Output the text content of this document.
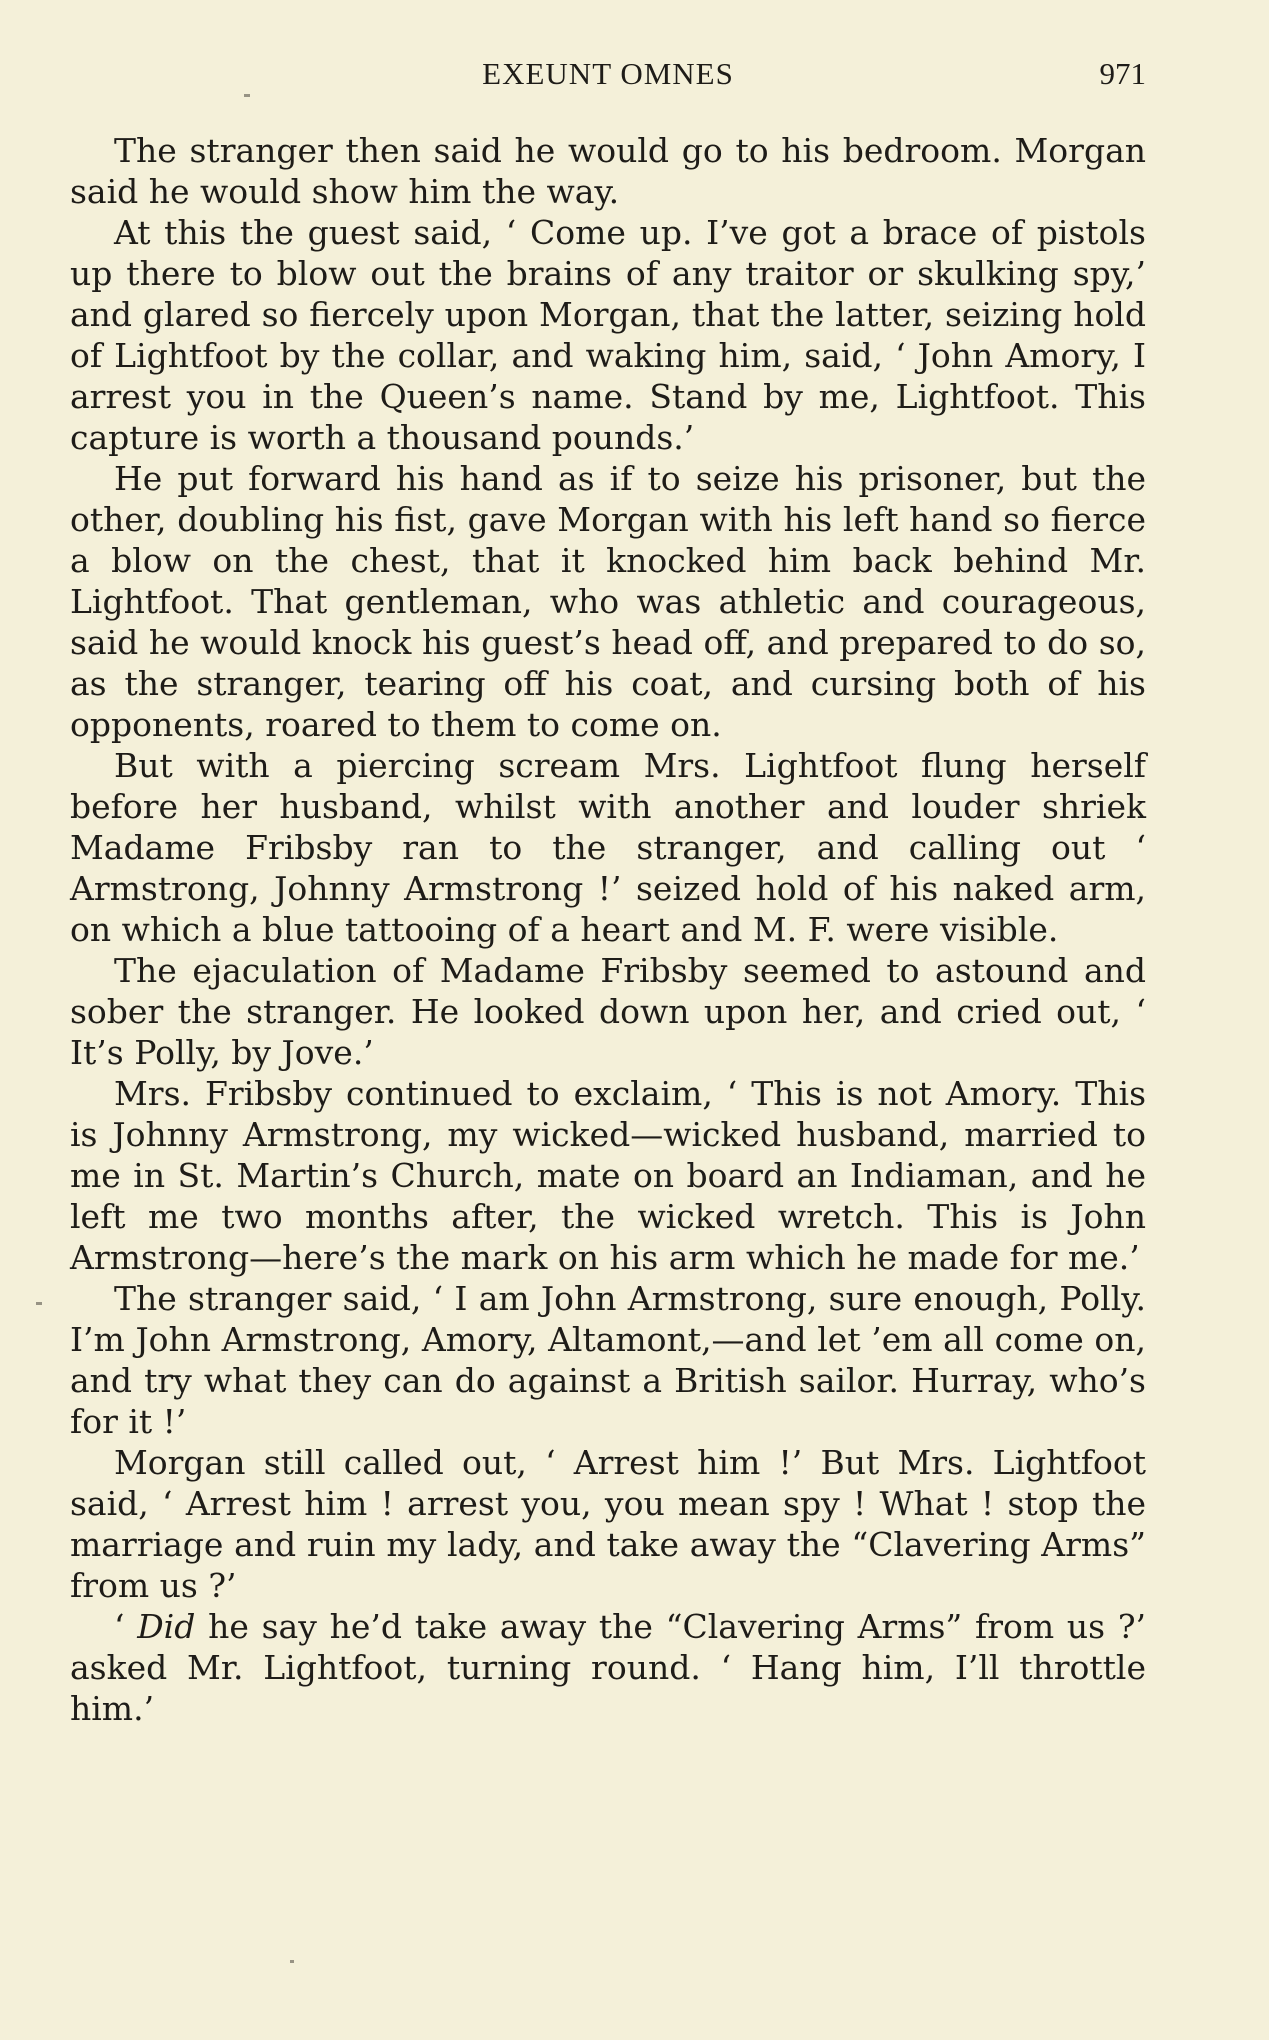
EXEUNT OMNES	971

The stranger then said he would go to his bedroom. Morgan said he would show him the way.

At this the guest said, ‘ Come up. I’ve got a brace of pistols up there to blow out the brains of any traitor or skulking spy,’ and glared so fiercely upon Morgan, that the latter, seizing hold of Lightfoot by the collar, and waking him, said, ‘ John Amory, I arrest you in the Queen’s name. Stand by me, Lightfoot. This capture is worth a thousand pounds.’

He put forward his hand as if to seize his prisoner, but the other, doubling his fist, gave Morgan with his left hand so fierce a blow on the chest, that it knocked him back behind Mr. Lightfoot. That gentleman, who was athletic and courageous, said he would knock his guest’s head off, and prepared to do so, as the stranger, tearing off his coat, and cursing both of his opponents, roared to them to come on.

But with a piercing scream Mrs. Lightfoot flung herself before her husband, whilst with another and louder shriek Madame Fribsby ran to the stranger, and calling out ‘ Armstrong, Johnny Armstrong !’ seized hold of his naked arm, on which a blue tattooing of a heart and M. F. were visible.

The ejaculation of Madame Fribsby seemed to astound and sober the stranger. He looked down upon her, and cried out, ‘ It’s Polly, by Jove.’

Mrs. Fribsby continued to exclaim, ‘ This is not Amory. This is Johnny Armstrong, my wicked—wicked husband, married to me in St. Martin’s Church, mate on board an Indiaman, and he left me two months after, the wicked wretch. This is John Armstrong—here’s the mark on his arm which he made for me.’

The stranger said, ‘ I am John Armstrong, sure enough, Polly. I’m John Armstrong, Amory, Altamont,—and let ’em all come on, and try what they can do against a British sailor. Hurray, who’s for it !’

Morgan still called out, ‘ Arrest him !’ But Mrs. Lightfoot said, ‘ Arrest him ! arrest you, you mean spy ! What ! stop the marriage and ruin my lady, and take away the “Clavering Arms” from us ?’

‘ Did he say he’d take away the “Clavering Arms” from us ?’ asked Mr. Lightfoot, turning round. ‘ Hang him, I’ll throttle him.’
